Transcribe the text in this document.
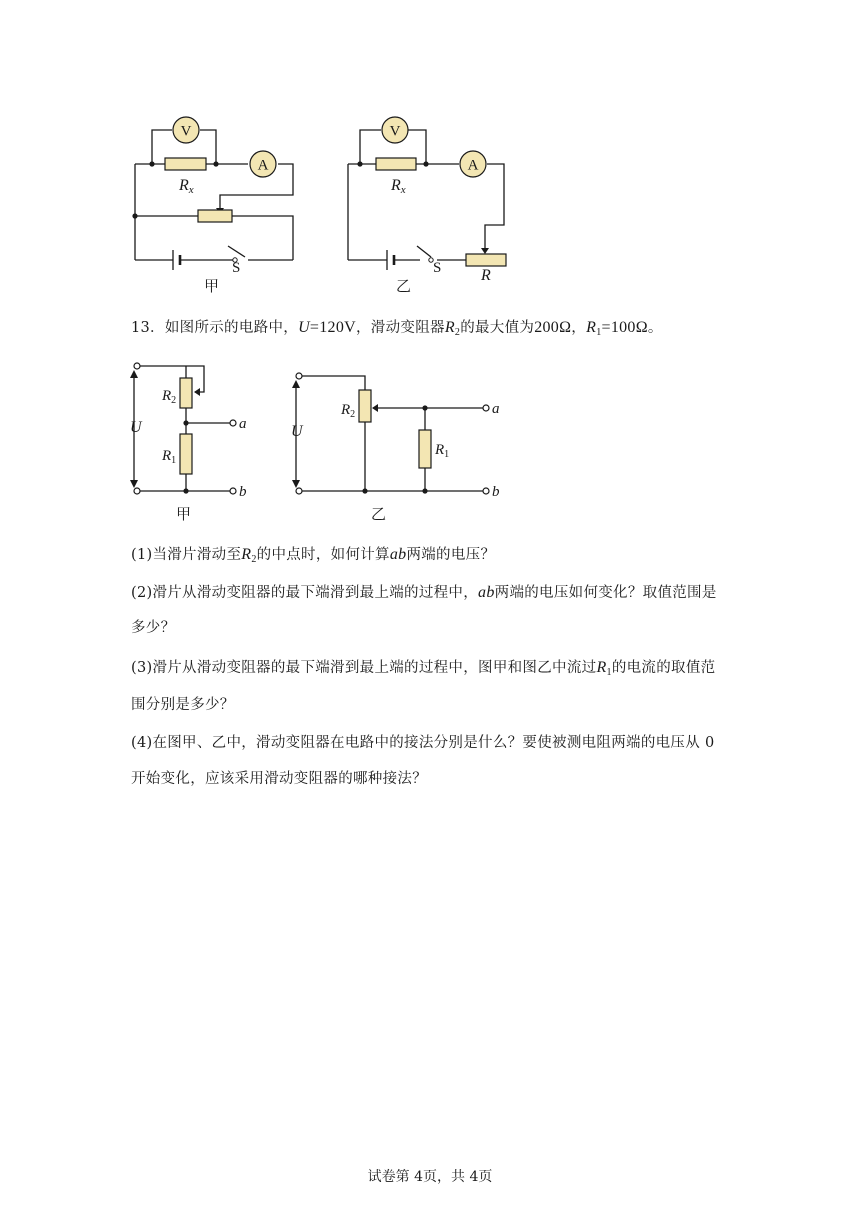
V
A
Rx
S
甲
V
A
Rx
S R
乙
13．如图所示的电路中，U=120V，滑动变阻器$R_2$的最大值为200Ω，$R_1=100\Omega$。
U
$R_2$
$R_1$
a
b
甲
U
$R_2$
$R_1$
a
b
乙
(1)当滑片滑动至$R_2$的中点时，如何计算ab两端的电压？
(2)滑片从滑动变阻器的最下端滑到最上端的过程中，ab两端的电压如何变化？取值范围是
多少？
(3)滑片从滑动变阻器的最下端滑到最上端的过程中，图甲和图乙中流过$R_1$的电流的取值范
围分别是多少？
(4)在图甲、乙中，滑动变阻器在电路中的接法分别是什么？要使被测电阻两端的电压从 0
开始变化，应该采用滑动变阻器的哪种接法？
试卷第 4页，共 4页
